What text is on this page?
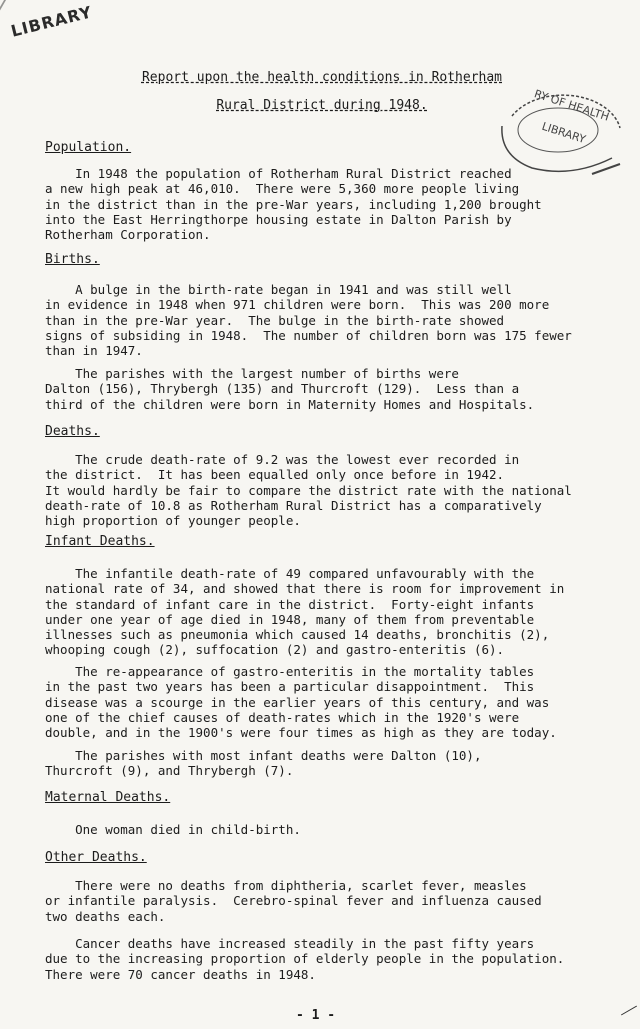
LIBRARY
RY OF HEALTH
LIBRARY
Report upon the health conditions in Rotherham
Rural District during 1948.
Population.
In 1948 the population of Rotherham Rural District reached
a new high peak at 46,010.  There were 5,360 more people living
in the district than in the pre-War years, including 1,200 brought
into the East Herringthorpe housing estate in Dalton Parish by
Rotherham Corporation.
Births.
A bulge in the birth-rate began in 1941 and was still well
in evidence in 1948 when 971 children were born.  This was 200 more
than in the pre-War year.  The bulge in the birth-rate showed
signs of subsiding in 1948.  The number of children born was 175 fewer
than in 1947.
The parishes with the largest number of births were
Dalton (156), Thrybergh (135) and Thurcroft (129).  Less than a
third of the children were born in Maternity Homes and Hospitals.
Deaths.
The crude death-rate of 9.2 was the lowest ever recorded in
the district.  It has been equalled only once before in 1942.
It would hardly be fair to compare the district rate with the national
death-rate of 10.8 as Rotherham Rural District has a comparatively
high proportion of younger people.
Infant Deaths.
The infantile death-rate of 49 compared unfavourably with the
national rate of 34, and showed that there is room for improvement in
the standard of infant care in the district.  Forty-eight infants
under one year of age died in 1948, many of them from preventable
illnesses such as pneumonia which caused 14 deaths, bronchitis (2),
whooping cough (2), suffocation (2) and gastro-enteritis (6).
The re-appearance of gastro-enteritis in the mortality tables
in the past two years has been a particular disappointment.  This
disease was a scourge in the earlier years of this century, and was
one of the chief causes of death-rates which in the 1920's were
double, and in the 1900's were four times as high as they are today.
The parishes with most infant deaths were Dalton (10),
Thurcroft (9), and Thrybergh (7).
Maternal Deaths.
One woman died in child-birth.
Other Deaths.
There were no deaths from diphtheria, scarlet fever, measles
or infantile paralysis.  Cerebro-spinal fever and influenza caused
two deaths each.
Cancer deaths have increased steadily in the past fifty years
due to the increasing proportion of elderly people in the population.
There were 70 cancer deaths in 1948.
- 1 -
